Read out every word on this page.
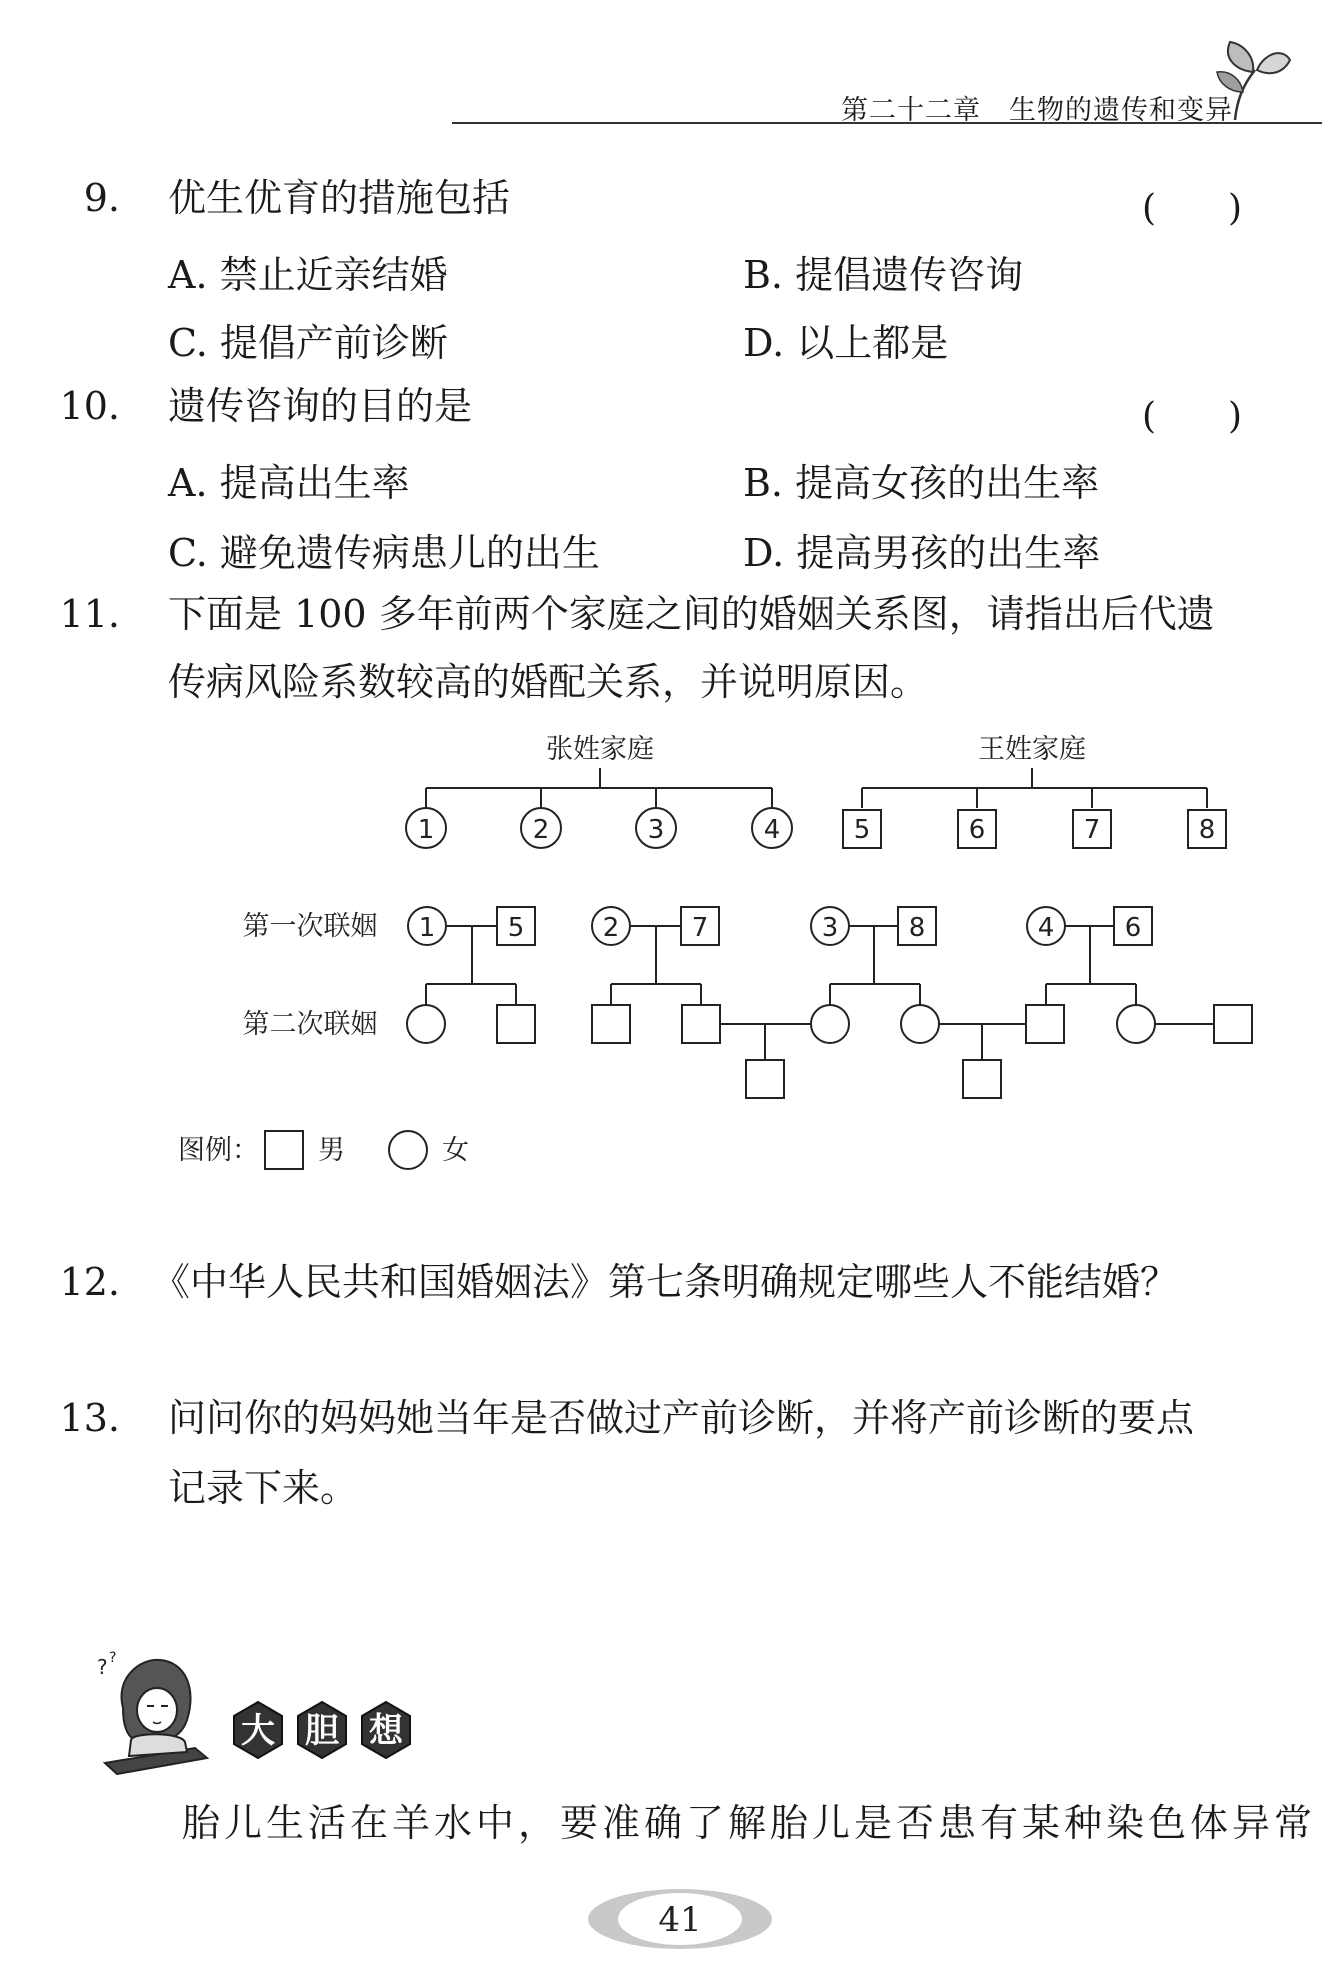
第二十二章　生物的遗传和变异
9. 优生优育的措施包括	(　　)
A. 禁止近亲结婚	B. 提倡遗传咨询
C. 提倡产前诊断	D. 以上都是
10. 遗传咨询的目的是	(　　)
A. 提高出生率	B. 提高女孩的出生率
C. 避免遗传病患儿的出生	D. 提高男孩的出生率
11. 下面是 100 多年前两个家庭之间的婚姻关系图，请指出后代遗
传病风险系数较高的婚配关系，并说明原因。
张姓家庭	王姓家庭
1	2	3	4	5	6	7	8
第一次联姻
第二次联姻
1	5	2	7	3	8	4	6
图例： 男	女
12. 《中华人民共和国婚姻法》第七条明确规定哪些人不能结婚？
13. 问问你的妈妈她当年是否做过产前诊断，并将产前诊断的要点
记录下来。
? ?
大 胆 想
胎儿生活在羊水中，要准确了解胎儿是否患有某种染色体异常
41
